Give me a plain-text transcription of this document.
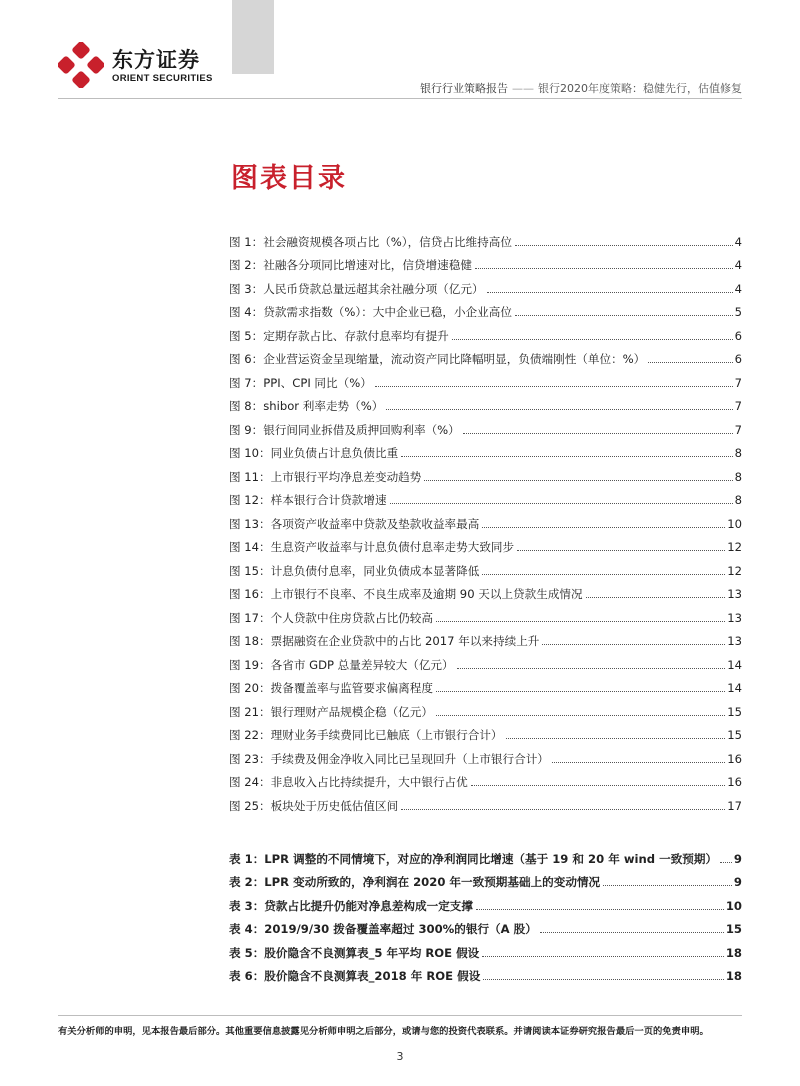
东方证券
ORIENT SECURITIES
银行行业策略报告 —— 银行2020年度策略：稳健先行，估值修复
图表目录
图 1：社会融资规模各项占比（%），信贷占比维持高位	4
图 2：社融各分项同比增速对比，信贷增速稳健	4
图 3：人民币贷款总量远超其余社融分项（亿元）	4
图 4：贷款需求指数（%）：大中企业已稳，小企业高位	5
图 5：定期存款占比、存款付息率均有提升	6
图 6：企业营运资金呈现缩量，流动资产同比降幅明显，负债端刚性（单位：%）	6
图 7：PPI、CPI 同比（%）	7
图 8：shibor 利率走势（%）	7
图 9：银行间同业拆借及质押回购利率（%）	7
图 10：同业负债占计息负债比重	8
图 11：上市银行平均净息差变动趋势	8
图 12：样本银行合计贷款增速	8
图 13：各项资产收益率中贷款及垫款收益率最高	10
图 14：生息资产收益率与计息负债付息率走势大致同步	12
图 15：计息负债付息率，同业负债成本显著降低	12
图 16：上市银行不良率、不良生成率及逾期 90 天以上贷款生成情况	13
图 17：个人贷款中住房贷款占比仍较高	13
图 18：票据融资在企业贷款中的占比 2017 年以来持续上升	13
图 19：各省市 GDP 总量差异较大（亿元）	14
图 20：拨备覆盖率与监管要求偏离程度	14
图 21：银行理财产品规模企稳（亿元）	15
图 22：理财业务手续费同比已触底（上市银行合计）	15
图 23：手续费及佣金净收入同比已呈现回升（上市银行合计）	16
图 24：非息收入占比持续提升，大中银行占优	16
图 25：板块处于历史低估值区间	17
表 1：LPR 调整的不同情境下，对应的净利润同比增速（基于 19 和 20 年 wind 一致预期） 9
表 2：LPR 变动所致的，净利润在 2020 年一致预期基础上的变动情况	9
表 3：贷款占比提升仍能对净息差构成一定支撑	10
表 4：2019/9/30 拨备覆盖率超过 300%的银行（A 股）	15
表 5：股价隐含不良测算表_5 年平均 ROE 假设	18
表 6：股价隐含不良测算表_2018 年 ROE 假设	18
有关分析师的申明，见本报告最后部分。其他重要信息披露见分析师申明之后部分，或请与您的投资代表联系。并请阅读本证券研究报告最后一页的免责申明。
3
